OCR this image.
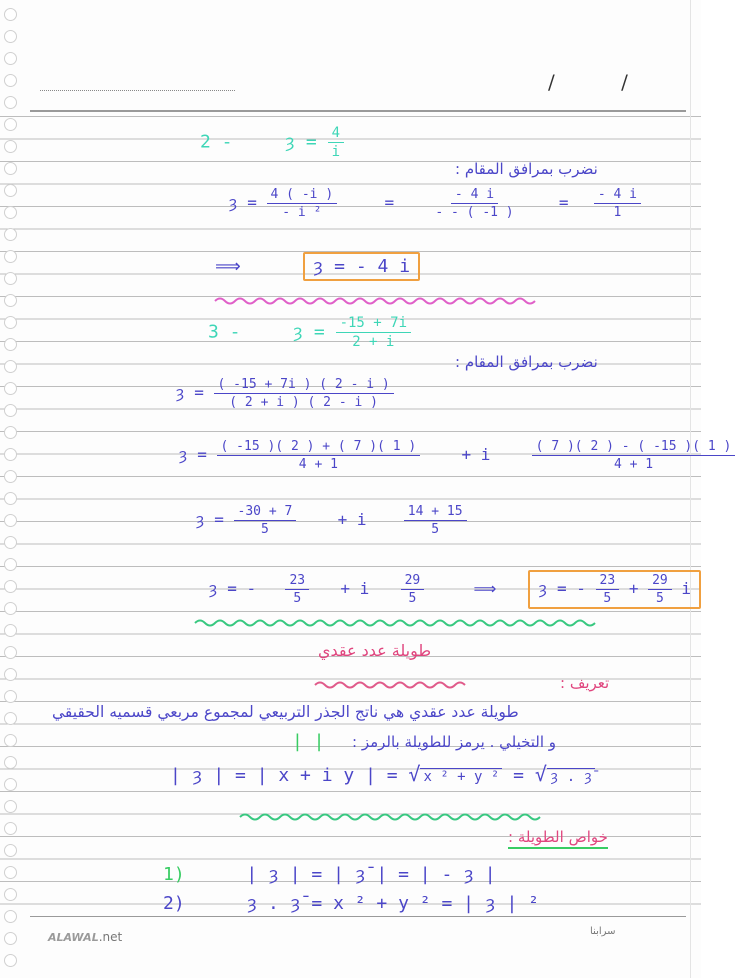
/ /
2 -	ȝ = $\frac{4}{i}$
نضرب بمرافق المقام :
ȝ = $\frac{4 ( -i )}{\text{- i ²}}$	=	$\frac{- 4 i}{- - ( -1 )}$	= $\frac{- 4 i}{1}$
⟹	ȝ = - 4 i
3 -	ȝ = $\frac{-15 + 7i}{2 + i}$
نضرب بمرافق المقام :
ȝ = $\frac{( -15 + 7i ) ( 2 - i )}{( 2 + i ) ( 2 - i )}$
ȝ = $\frac{( -15 )( 2 ) + ( 7 )( 1 )}{4 + 1}$	+ i	$\frac{( 7 )( 2 ) - ( -15 )( 1 )}{4 + 1}$
ȝ = $\frac{-30 + 7}{5}$	+ i	$\frac{14 + 15}{5}$
ȝ = - $\frac{23}{5} + i \frac{29}{5}$	⟹	ȝ = - $\frac{23}{5} + \frac{29}{5}$ i
طويلة عدد عقدي
تعريف :
طويلة عدد عقدي هي ناتج الجذر التربيعي لمجموع مربعي قسميه الحقيقي
و التخيلي . يرمز للطويلة بالرمز :
| |
| ȝ | = | x + i y | = √ x ² + y ² = √ ȝ . ȝ̄
خواص الطويلة :
1)	| ȝ | = | ȝ̄ | = | - ȝ |
2)	ȝ . ȝ̄ = x ² + y ² = | ȝ | ²
ALAWAL.net	سرابنا
